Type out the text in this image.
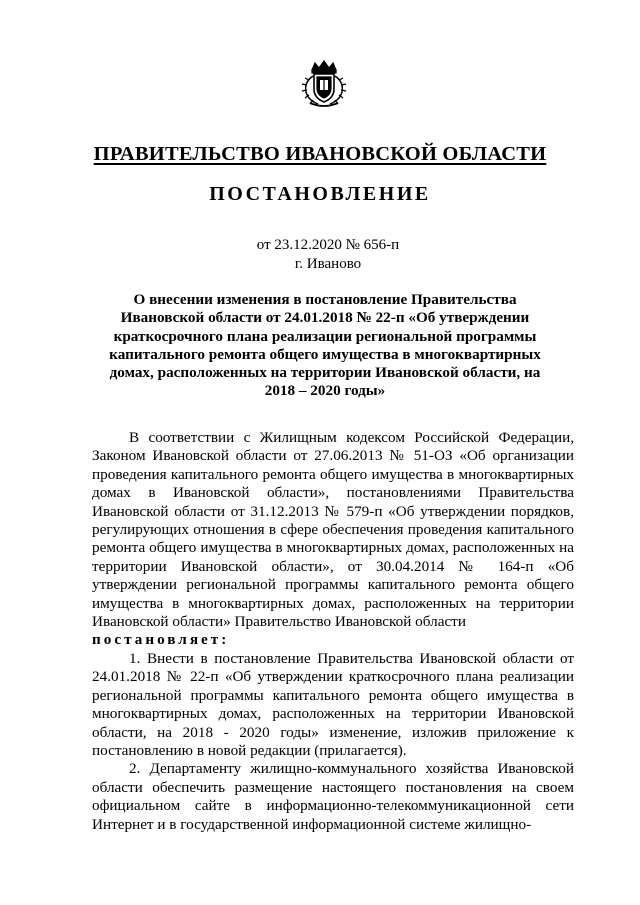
ПРАВИТЕЛЬСТВО ИВАНОВСКОЙ ОБЛАСТИ
ПОСТАНОВЛЕНИЕ
от 23.12.2020 № 656-п
г. Иваново
О внесении изменения в постановление Правительства Ивановской области от 24.01.2018 № 22-п «Об утверждении краткосрочного плана реализации региональной программы капитального ремонта общего имущества в многоквартирных домах, расположенных на территории Ивановской области, на 2018 – 2020 годы»

В соответствии с Жилищным кодексом Российской Федерации, Законом Ивановской области от 27.06.2013 № 51-ОЗ «Об организации проведения капитального ремонта общего имущества в многоквартирных домах в Ивановской области», постановлениями Правительства Ивановской области от 31.12.2013 № 579-п «Об утверждении порядков, регулирующих отношения в сфере обеспечения проведения капитального ремонта общего имущества в многоквартирных домах, расположенных на территории Ивановской области», от 30.04.2014 № 164-п «Об утверждении региональной программы капитального ремонта общего имущества в многоквартирных домах, расположенных на территории Ивановской области» Правительство Ивановской области

постановляет:

1. Внести в постановление Правительства Ивановской области от 24.01.2018 № 22-п «Об утверждении краткосрочного плана реализации региональной программы капитального ремонта общего имущества в многоквартирных домах, расположенных на территории Ивановской области, на 2018 - 2020 годы» изменение, изложив приложение к постановлению в новой редакции (прилагается).

2. Департаменту жилищно-коммунального хозяйства Ивановской области обеспечить размещение настоящего постановления на своем официальном сайте в информационно-телекоммуникационной сети Интернет и в государственной информационной системе жилищно-
